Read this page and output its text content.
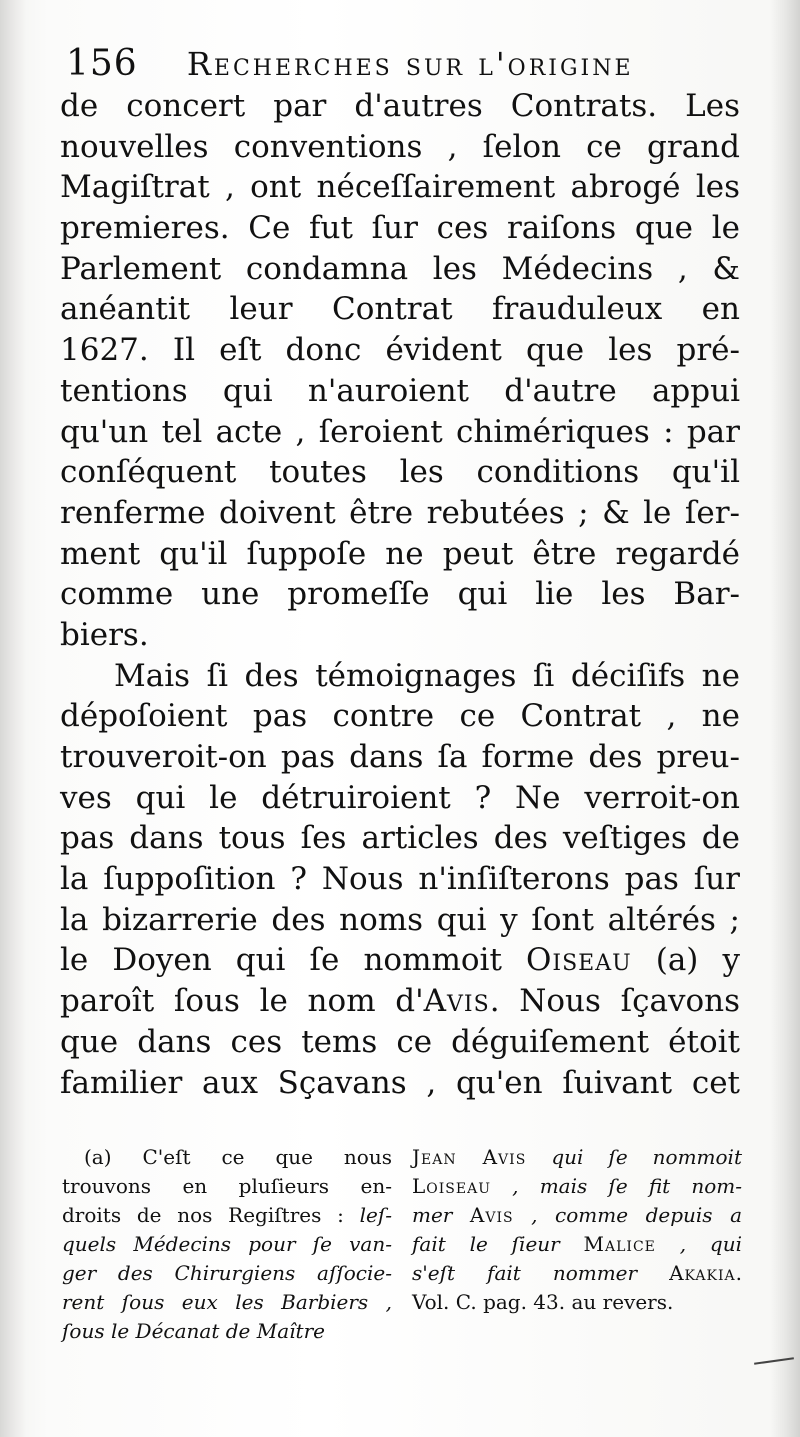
156 Recherches sur l'origine
de concert par d'autres Contrats. Les
nouvelles conventions , ſelon ce grand
Magiſtrat , ont néceſſairement abrogé les
premieres. Ce fut ſur ces raiſons que le
Parlement condamna les Médecins , &
anéantit leur Contrat frauduleux en
1627. Il eſt donc évident que les pré-
tentions qui n'auroient d'autre appui
qu'un tel acte , ſeroient chimériques : par
conſéquent toutes les conditions qu'il
renferme doivent être rebutées ; & le ſer-
ment qu'il ſuppoſe ne peut être regardé
comme une promeſſe qui lie les Bar-
biers.
Mais ſi des témoignages ſi déciſifs ne
dépoſoient pas contre ce Contrat , ne
trouveroit-on pas dans ſa forme des preu-
ves qui le détruiroient ? Ne verroit-on
pas dans tous ſes articles des veſtiges de
la ſuppoſition ? Nous n'inſiſterons pas ſur
la bizarrerie des noms qui y ſont altérés ;
le Doyen qui ſe nommoit Oiseau (a) y
paroît ſous le nom d'Avis. Nous ſçavons
que dans ces tems ce déguiſement étoit
familier aux Sçavans , qu'en ſuivant cet
(a) C'eſt ce que nous
trouvons en pluſieurs en-
droits de nos Regiſtres : leſ-
quels Médecins pour ſe van-
ger des Chirurgiens aſſocie-
rent ſous eux les Barbiers ,
ſous le Décanat de Maître
Jean Avis qui ſe nommoit
Loiseau , mais ſe fit nom-
mer Avis , comme depuis a
fait le ſieur Malice , qui
s'eſt fait nommer Akakia.
Vol. C. pag. 43. au revers.
